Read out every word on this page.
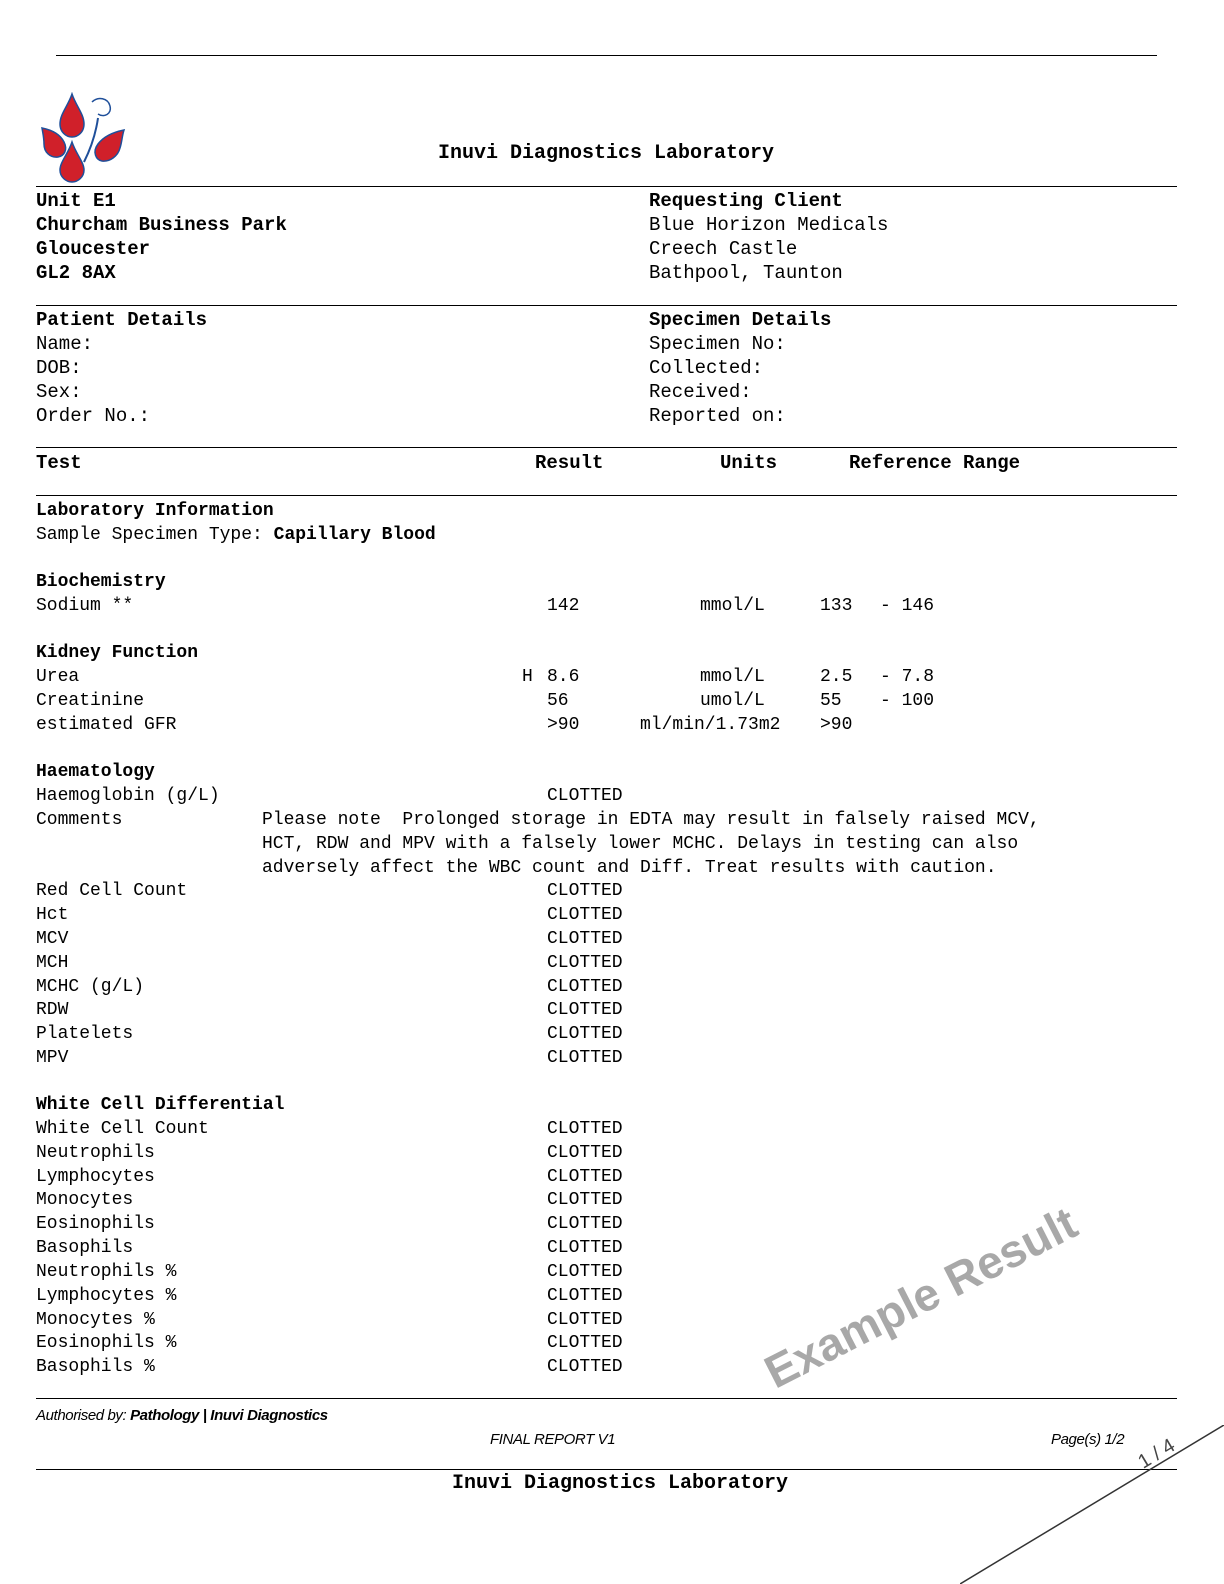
Inuvi Diagnostics Laboratory
Unit E1
Churcham Business Park
Gloucester
GL2 8AX
Requesting Client
Blue Horizon Medicals
Creech Castle
Bathpool, Taunton
Patient Details
Name:
DOB:
Sex:
Order No.:
Specimen Details
Specimen No:
Collected:
Received:
Reported on:
Test	Result	Units	Reference Range
Laboratory Information
Sample Specimen Type: Capillary Blood
Biochemistry
Sodium **	142	mmol/L	133 - 146
Kidney Function
Urea	H 8.6	mmol/L	2.5 - 7.8
Creatinine	56	umol/L	55 - 100
estimated GFR	>90	ml/min/1.73m2 >90
Haematology
Haemoglobin (g/L)	CLOTTED
Comments	Please note  Prolonged storage in EDTA may result in falsely raised MCV,
HCT, RDW and MPV with a falsely lower MCHC. Delays in testing can also
adversely affect the WBC count and Diff. Treat results with caution.
Red Cell Count	CLOTTED
Hct	CLOTTED
MCV	CLOTTED
MCH	CLOTTED
MCHC (g/L)	CLOTTED
RDW	CLOTTED
Platelets	CLOTTED
MPV	CLOTTED
White Cell Differential
White Cell Count	CLOTTED
Neutrophils	CLOTTED
Lymphocytes	CLOTTED
Monocytes	CLOTTED
Eosinophils	CLOTTED
Basophils	CLOTTED
Neutrophils %	CLOTTED
Lymphocytes %	CLOTTED
Monocytes %	CLOTTED
Eosinophils %	CLOTTED
Basophils %	CLOTTED
Authorised by: Pathology | Inuvi Diagnostics
FINAL REPORT V1	Page(s) 1/2
Inuvi Diagnostics Laboratory
Example Result
1 / 4
